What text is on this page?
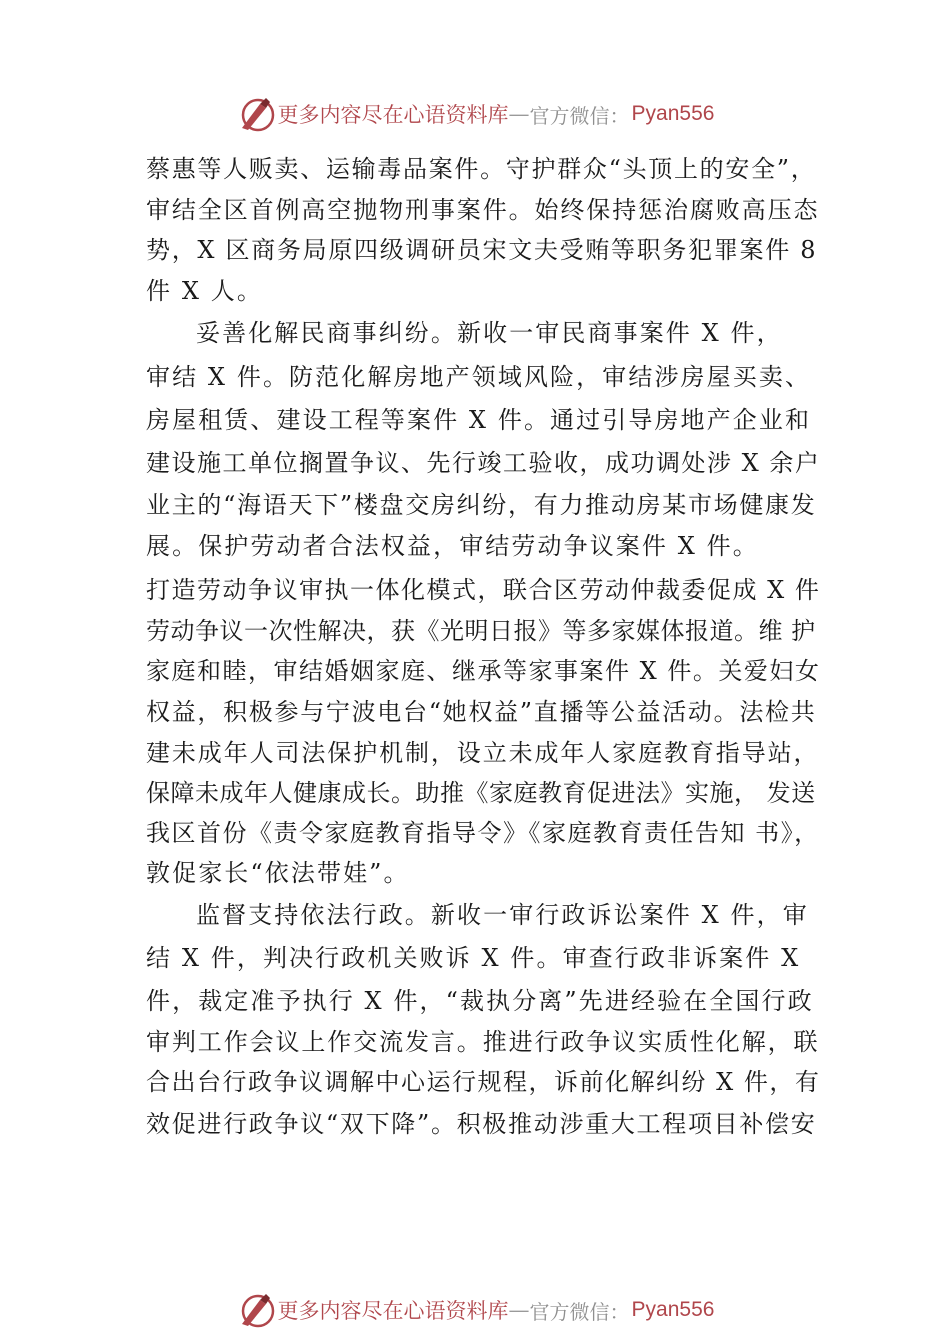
更多内容尽在心语资料库 — 官方微信： Pyan556
蔡惠等人贩卖、运输毒品案件。守护群众“头顶上的安全”，
审结全区首例高空抛物刑事案件。始终保持惩治腐败高压态
势，X 区商务局原四级调研员宋文夫受贿等职务犯罪案件 8
件 X 人。
妥善化解民商事纠纷。新收一审民商事案件 X 件，
审结 X 件。防范化解房地产领域风险，审结涉房屋买卖、
房屋租赁、建设工程等案件 X 件。通过引导房地产企业和
建设施工单位搁置争议、先行竣工验收，成功调处涉 X 余户
业主的“海语天下”楼盘交房纠纷，有力推动房某市场健康发
展。保护劳动者合法权益，审结劳动争议案件 X 件。
打造劳动争议审执一体化模式，联合区劳动仲裁委促成 X 件
劳动争议一次性解决，获《光明日报》等多家媒体报道。维 护
家庭和睦，审结婚姻家庭、继承等家事案件 X 件。关爱妇女
权益，积极参与宁波电台“她权益”直播等公益活动。法检共
建未成年人司法保护机制，设立未成年人家庭教育指导站，
保障未成年人健康成长。助推《家庭教育促进法》实施， 发送
我区首份《责令家庭教育指导令》《家庭教育责任告知 书》，
敦促家长“依法带娃”。
监督支持依法行政。新收一审行政诉讼案件 X 件，审
结 X 件，判决行政机关败诉 X 件。审查行政非诉案件 X
件，裁定准予执行 X 件，“裁执分离”先进经验在全国行政
审判工作会议上作交流发言。推进行政争议实质性化解，联
合出台行政争议调解中心运行规程，诉前化解纠纷 X 件，有
效促进行政争议“双下降”。积极推动涉重大工程项目补偿安
更多内容尽在心语资料库 — 官方微信： Pyan556
